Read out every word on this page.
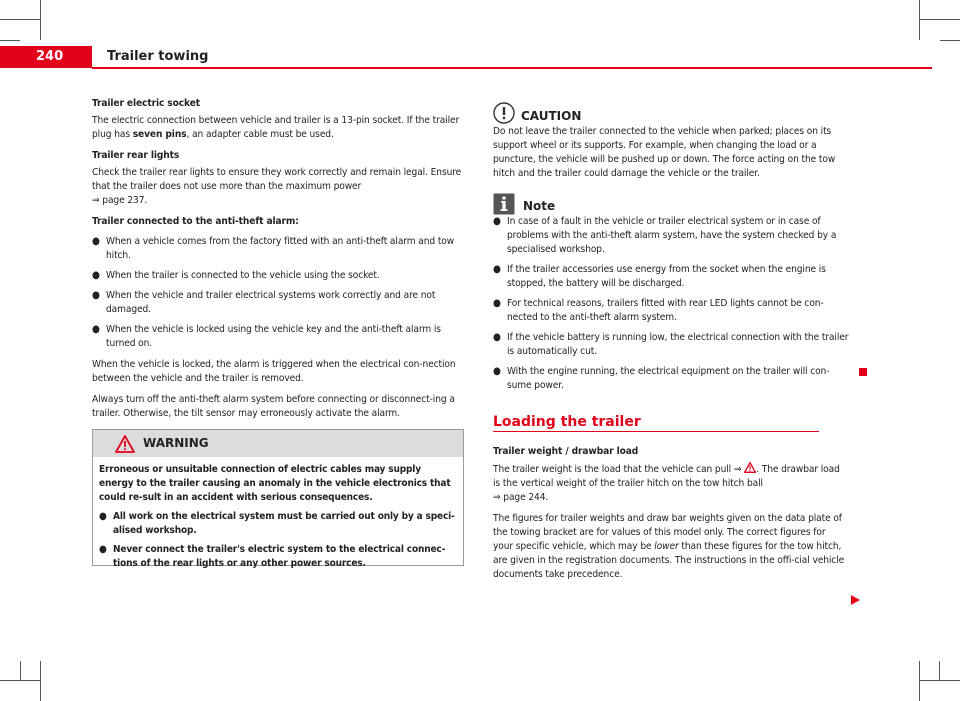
240	Trailer towing

Trailer electric socket

The electric connection between vehicle and trailer is a 13-pin socket. If the trailer plug has seven pins, an adapter cable must be used.

Trailer rear lights

Check the trailer rear lights to ensure they work correctly and remain legal. Ensure that the trailer does not use more than the maximum power

⇒ page 237.

Trailer connected to the anti-theft alarm:

● When a vehicle comes from the factory fitted with an anti-theft alarm and tow hitch.
● When the trailer is connected to the vehicle using the socket.
● When the vehicle and trailer electrical systems work correctly and are not damaged.
● When the vehicle is locked using the vehicle key and the anti-theft alarm is turned on.

When the vehicle is locked, the alarm is triggered when the electrical con-nection between the vehicle and the trailer is removed.

Always turn off the anti-theft alarm system before connecting or disconnect-ing a trailer. Otherwise, the tilt sensor may erroneously activate the alarm.

WARNING

Erroneous or unsuitable connection of electric cables may supply energy to the trailer causing an anomaly in the vehicle electronics that could re-sult in an accident with serious consequences.

● All work on the electrical system must be carried out only by a speci-alised workshop.
● Never connect the trailer's electric system to the electrical connec-tions of the rear lights or any other power sources.
CAUTION
Do not leave the trailer connected to the vehicle when parked; places on its support wheel or its supports. For example, when changing the load or a puncture, the vehicle will be pushed up or down. The force acting on the tow hitch and the trailer could damage the vehicle or the trailer.
Note
● In case of a fault in the vehicle or trailer electrical system or in case of problems with the anti-theft alarm system, have the system checked by a specialised workshop.
● If the trailer accessories use energy from the socket when the engine is stopped, the battery will be discharged.
● For technical reasons, trailers fitted with rear LED lights cannot be con-nected to the anti-theft alarm system.
● If the vehicle battery is running low, the electrical connection with the trailer is automatically cut.
● With the engine running, the electrical equipment on the trailer will con-sume power.
Loading the trailer

Trailer weight / drawbar load

The trailer weight is the load that the vehicle can pull ⇒ . The drawbar load is the vertical weight of the trailer hitch on the tow hitch ball

⇒ page 244.

The figures for trailer weights and draw bar weights given on the data plate of the towing bracket are for values of this model only. The correct figures for your specific vehicle, which may be lower than these figures for the tow hitch, are given in the registration documents. The instructions in the offi-cial vehicle documents take precedence.
